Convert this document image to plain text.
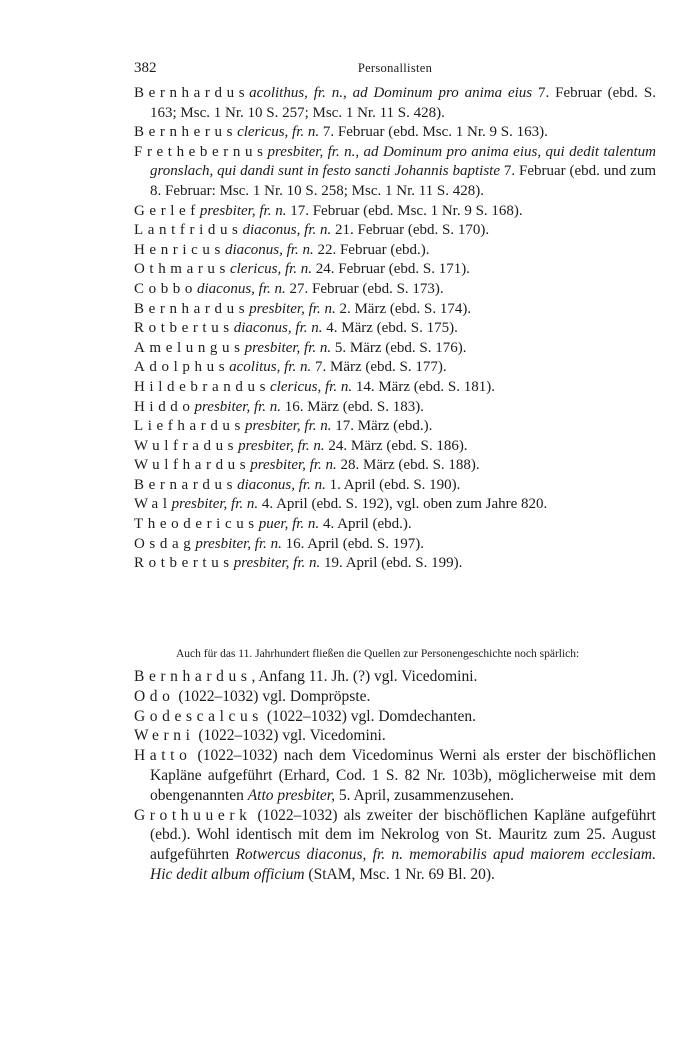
382	Personallisten

Bernhardusacolithus, fr. n., ad Dominum pro anima eius 7. Februar (ebd. S. 163; Msc. 1 Nr. 10 S. 257; Msc. 1 Nr. 11 S. 428).

Bernherusclericus, fr. n. 7. Februar (ebd. Msc. 1 Nr. 9 S. 163).

Frethebernuspresbiter, fr. n., ad Dominum pro anima eius, qui dedit talentum gronslach, qui dandi sunt in festo sancti Johannis baptiste 7. Februar (ebd. und zum 8. Februar: Msc. 1 Nr. 10 S. 258; Msc. 1 Nr. 11 S. 428).

Gerlefpresbiter, fr. n. 17. Februar (ebd. Msc. 1 Nr. 9 S. 168).

Lantfridusdiaconus, fr. n. 21. Februar (ebd. S. 170).

Henricusdiaconus, fr. n. 22. Februar (ebd.).

Othmarusclericus, fr. n. 24. Februar (ebd. S. 171).

Cobbodiaconus, fr. n. 27. Februar (ebd. S. 173).

Bernharduspresbiter, fr. n. 2. März (ebd. S. 174).

Rotbertusdiaconus, fr. n. 4. März (ebd. S. 175).

Amelunguspresbiter, fr. n. 5. März (ebd. S. 176).

Adolphusacolitus, fr. n. 7. März (ebd. S. 177).

Hildebrandusclericus, fr. n. 14. März (ebd. S. 181).

Hiddopresbiter, fr. n. 16. März (ebd. S. 183).

Liefharduspresbiter, fr. n. 17. März (ebd.).

Wulfraduspresbiter, fr. n. 24. März (ebd. S. 186).

Wulfharduspresbiter, fr. n. 28. März (ebd. S. 188).

Bernardusdiaconus, fr. n. 1. April (ebd. S. 190).

Walpresbiter, fr. n. 4. April (ebd. S. 192), vgl. oben zum Jahre 820.

Theodericuspuer, fr. n. 4. April (ebd.).

Osdagpresbiter, fr. n. 16. April (ebd. S. 197).

Rotbertuspresbiter, fr. n. 19. April (ebd. S. 199).

Auch für das 11. Jahrhundert fließen die Quellen zur Personengeschichte noch spärlich:

Bernhardus, Anfang 11. Jh. (?) vgl. Vicedomini.

Odo (1022–1032) vgl. Dompröpste.

Godescalcus (1022–1032) vgl. Domdechanten.

Werni (1022–1032) vgl. Vicedomini.

Hatto (1022–1032) nach dem Vicedominus Werni als erster der bischöflichen Kapläne aufgeführt (Erhard, Cod. 1 S. 82 Nr. 103b), möglicherweise mit dem obengenannten Atto presbiter, 5. April, zusammenzusehen.

Grothuuerk (1022–1032) als zweiter der bischöflichen Kapläne aufgeführt (ebd.). Wohl identisch mit dem im Nekrolog von St. Mauritz zum 25. August aufgeführten Rotwercus diaconus, fr. n. memorabilis apud maiorem ecclesiam. Hic dedit album officium (StAM, Msc. 1 Nr. 69 Bl. 20).
